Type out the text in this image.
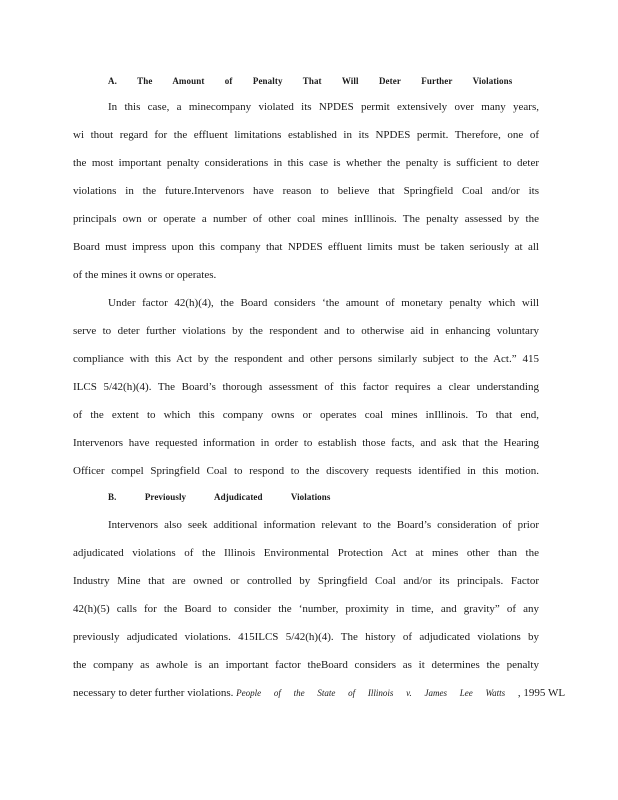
A. The Amount of Penalty That Will Deter Further Violations
In this case, a minecompany violated its NPDES permit extensively over many years,
wi thout regard for the effluent limitations established in its NPDES permit. Therefore, one of
the most important penalty considerations in this case is whether the penalty is sufficient to deter
violations in the future.Intervenors have reason to believe that Springfield Coal and/or its
principals own or operate a number of other coal mines inIllinois. The penalty assessed by the
Board must impress upon this company that NPDES effluent limits must be taken seriously at all
of the mines it owns or operates.
Under factor 42(h)(4), the Board considers ‘the amount of monetary penalty which will
serve to deter further violations by the respondent and to otherwise aid in enhancing voluntary
compliance with this Act by the respondent and other persons similarly subject to the Act.” 415
ILCS 5/42(h)(4). The Board’s thorough assessment of this factor requires a clear understanding
of the extent to which this company owns or operates coal mines inIllinois. To that end,
Intervenors have requested information in order to establish those facts, and ask that the Hearing
Officer compel Springfield Coal to respond to the discovery requests identified in this motion.
B.	Previously	Adjudicated	Violations
Intervenors also seek additional information relevant to the Board’s consideration of prior
adjudicated violations of the Illinois Environmental Protection Act at mines other than the
Industry Mine that are owned or controlled by Springfield Coal and/or its principals. Factor
42(h)(5) calls for the Board to consider the ‘number, proximity in time, and gravity” of any
previously adjudicated violations. 415ILCS 5/42(h)(4). The history of adjudicated violations by
the company as awhole is an important factor theBoard considers as it determines the penalty
necessary to deter further violations. People of the State of Illinois v. James Lee Watts , 1995 WL
